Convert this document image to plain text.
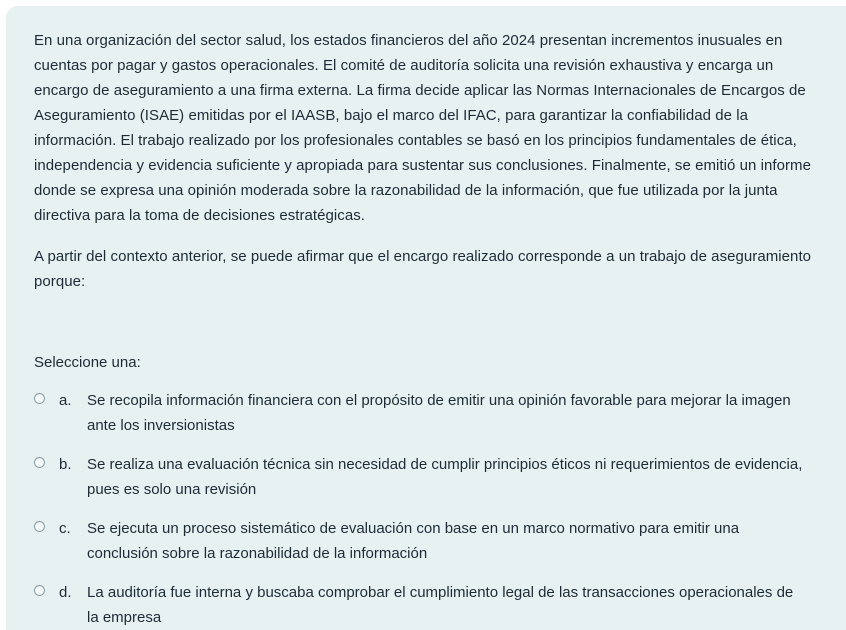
En una organización del sector salud, los estados financieros del año 2024 presentan incrementos inusuales en cuentas por pagar y gastos operacionales. El comité de auditoría solicita una revisión exhaustiva y encarga un encargo de aseguramiento a una firma externa. La firma decide aplicar las Normas Internacionales de Encargos de Aseguramiento (ISAE) emitidas por el IAASB, bajo el marco del IFAC, para garantizar la confiabilidad de la información. El trabajo realizado por los profesionales contables se basó en los principios fundamentales de ética, independencia y evidencia suficiente y apropiada para sustentar sus conclusiones. Finalmente, se emitió un informe donde se expresa una opinión moderada sobre la razonabilidad de la información, que fue utilizada por la junta directiva para la toma de decisiones estratégicas.

A partir del contexto anterior, se puede afirmar que el encargo realizado corresponde a un trabajo de aseguramiento porque:

Seleccione una:
a.	Se recopila información financiera con el propósito de emitir una opinión favorable para mejorar la imagen ante los inversionistas
b.	Se realiza una evaluación técnica sin necesidad de cumplir principios éticos ni requerimientos de evidencia, pues es solo una revisión
c.	Se ejecuta un proceso sistemático de evaluación con base en un marco normativo para emitir una conclusión sobre la razonabilidad de la información
d.	La auditoría fue interna y buscaba comprobar el cumplimiento legal de las transacciones operacionales de la empresa
